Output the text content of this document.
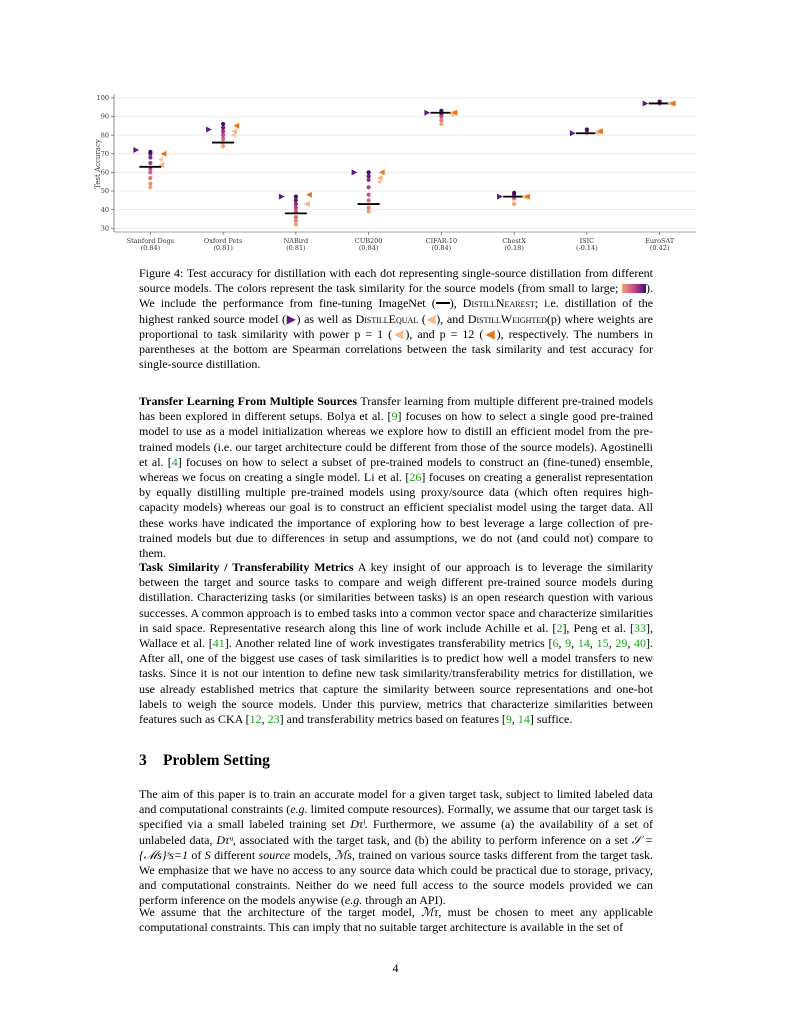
30
40
50
60
70
80
90
100
Test Accuracy
Stanford Dogs
(0.84)
Oxford Pets
(0.81)
NABird
(0.81)
CUB200
(0.84)
CIFAR-10
(0.84)
ChestX
(0.18)
ISIC
(-0.14)
EuroSAT
(0.42)

Figure 4: Test accuracy for distillation with each dot representing single-source distillation from different source models. The colors represent the task similarity for the source models (from small to large; ). We include the performance from fine-tuning ImageNet ( ), DistillNearest; i.e. distillation of the highest ranked source model (▶) as well as DistillEqual (◀), and DistillWeighted(p) where weights are proportional to task similarity with power p = 1 (◀), and p = 12 (◀), respectively. The numbers in parentheses at the bottom are Spearman correlations between the task similarity and test accuracy for single-source distillation.

Transfer Learning From Multiple Sources Transfer learning from multiple different pre-trained models has been explored in different setups. Bolya et al. [9] focuses on how to select a single good pre-trained model to use as a model initialization whereas we explore how to distill an efficient model from the pre-trained models (i.e. our target architecture could be different from those of the source models). Agostinelli et al. [4] focuses on how to select a subset of pre-trained models to construct an (fine-tuned) ensemble, whereas we focus on creating a single model. Li et al. [26] focuses on creating a generalist representation by equally distilling multiple pre-trained models using proxy/source data (which often requires high-capacity models) whereas our goal is to construct an efficient specialist model using the target data. All these works have indicated the importance of exploring how to best leverage a large collection of pre-trained models but due to differences in setup and assumptions, we do not (and could not) compare to them.

Task Similarity / Transferability Metrics A key insight of our approach is to leverage the similarity between the target and source tasks to compare and weigh different pre-trained source models during distillation. Characterizing tasks (or similarities between tasks) is an open research question with various successes. A common approach is to embed tasks into a common vector space and characterize similarities in said space. Representative research along this line of work include Achille et al. [2], Peng et al. [33], Wallace et al. [41]. Another related line of work investigates transferability metrics [6, 9, 14, 15, 29, 40]. After all, one of the biggest use cases of task similarities is to predict how well a model transfers to new tasks. Since it is not our intention to define new task similarity/transferability metrics for distillation, we use already established metrics that capture the similarity between source representations and one-hot labels to weigh the source models. Under this purview, metrics that characterize similarities between features such as CKA [12, 23] and transferability metrics based on features [9, 14] suffice.

3 Problem Setting

The aim of this paper is to train an accurate model for a given target task, subject to limited labeled data and computational constraints (e.g. limited compute resources). Formally, we assume that our target task is specified via a small labeled training set Dτˡ. Furthermore, we assume (a) the availability of a set of unlabeled data, Dτᵘ, associated with the target task, and (b) the ability to perform inference on a set 𝒮 = {ℳs}ˢs=1 of S different source models, ℳs, trained on various source tasks different from the target task. We emphasize that we have no access to any source data which could be practical due to storage, privacy, and computational constraints. Neither do we need full access to the source models provided we can perform inference on the models anywise (e.g. through an API).

We assume that the architecture of the target model, ℳτ, must be chosen to meet any applicable computational constraints. This can imply that no suitable target architecture is available in the set of

4
